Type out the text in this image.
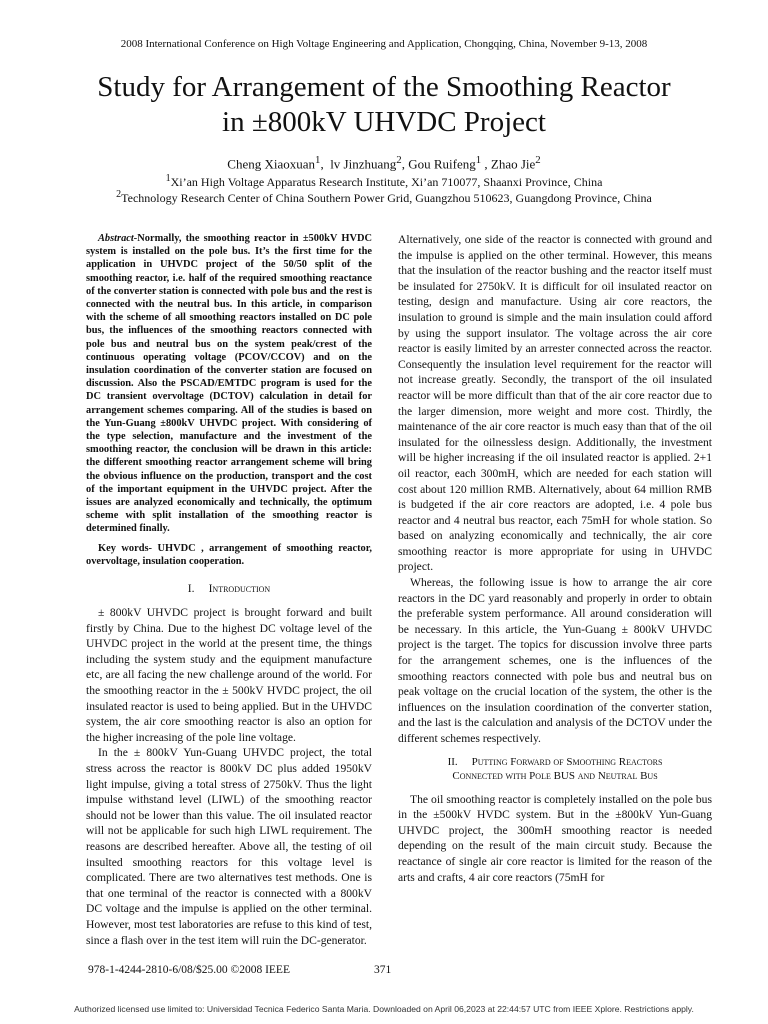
2008 International Conference on High Voltage Engineering and Application, Chongqing, China, November 9-13, 2008
Study for Arrangement of the Smoothing Reactor
in ±800kV UHVDC Project
Cheng Xiaoxuan$^1$,  lv Jinzhuang$^2$, Gou Ruifeng$^1$ , Zhao Jie$^2$
$^1$Xi’an High Voltage Apparatus Research Institute, Xi’an 710077, Shaanxi Province, China
$^2$Technology Research Center of China Southern Power Grid, Guangzhou 510623, Guangdong Province, China

Abstract-Normally, the smoothing reactor in ±500kV HVDC system is installed on the pole bus. It’s the first time for the application in UHVDC project of the 50/50 split of the smoothing reactor, i.e. half of the required smoothing reactance of the converter station is connected with pole bus and the rest is connected with the neutral bus. In this article, in comparison with the scheme of all smoothing reactors installed on DC pole bus, the influences of the smoothing reactors connected with pole bus and neutral bus on the system peak/crest of the continuous operating voltage (PCOV/CCOV) and on the insulation coordination of the converter station are focused on discussion. Also the PSCAD/EMTDC program is used for the DC transient overvoltage (DCTOV) calculation in detail for arrangement schemes comparing. All of the studies is based on the Yun-Guang ±800kV UHVDC project. With considering of the type selection, manufacture and the investment of the smoothing reactor, the conclusion will be drawn in this article: the different smoothing reactor arrangement scheme will bring the obvious influence on the production, transport and the cost of the important equipment in the UHVDC project. After the issues are analyzed economically and technically, the optimum scheme with split installation of the smoothing reactor is determined finally.

Key words- UHVDC , arrangement of smoothing reactor, overvoltage, insulation cooperation.

I. Introduction

± 800kV UHVDC project is brought forward and built firstly by China. Due to the highest DC voltage level of the UHVDC project in the world at the present time, the things including the system study and the equipment manufacture etc, are all facing the new challenge around of the world. For the smoothing reactor in the ± 500kV HVDC project, the oil insulated reactor is used to being applied. But in the UHVDC system, the air core smoothing reactor is also an option for the higher increasing of the pole line voltage.

In the ± 800kV Yun-Guang UHVDC project, the total stress across the reactor is 800kV DC plus added 1950kV light impulse, giving a total stress of 2750kV. Thus the light impulse withstand level (LIWL) of the smoothing reactor should not be lower than this value. The oil insulated reactor will not be applicable for such high LIWL requirement. The reasons are described hereafter. Above all, the testing of oil insulted smoothing reactors for this voltage level is complicated. There are two alternatives test methods. One is that one terminal of the reactor is connected with a 800kV DC voltage and the impulse is applied on the other terminal. However, most test laboratories are refuse to this kind of test, since a flash over in the test item will ruin the DC-generator.

Alternatively, one side of the reactor is connected with ground and the impulse is applied on the other terminal. However, this means that the insulation of the reactor bushing and the reactor itself must be insulated for 2750kV. It is difficult for oil insulated reactor on testing, design and manufacture. Using air core reactors, the insulation to ground is simple and the main insulation could afford by using the support insulator. The voltage across the air core reactor is easily limited by an arrester connected across the reactor. Consequently the insulation level requirement for the reactor will not increase greatly. Secondly, the transport of the oil insulated reactor will be more difficult than that of the air core reactor due to the larger dimension, more weight and more cost. Thirdly, the maintenance of the air core reactor is much easy than that of the oil insulated for the oilnessless design. Additionally, the investment will be higher increasing if the oil insulated reactor is applied. 2+1 oil reactor, each 300mH, which are needed for each station will cost about 120 million RMB. Alternatively, about 64 million RMB is budgeted if the air core reactors are adopted, i.e. 4 pole bus reactor and 4 neutral bus reactor, each 75mH for whole station. So based on analyzing economically and technically, the air core smoothing reactor is more appropriate for using in UHVDC project.

Whereas, the following issue is how to arrange the air core reactors in the DC yard reasonably and properly in order to obtain the preferable system performance. All around consideration will be necessary. In this article, the Yun-Guang ± 800kV UHVDC project is the target. The topics for discussion involve three parts for the arrangement schemes, one is the influences of the smoothing reactors connected with pole bus and neutral bus on peak voltage on the crucial location of the system, the other is the influences on the insulation coordination of the converter station, and the last is the calculation and analysis of the DCTOV under the different schemes respectively.

II. Putting Forward of Smoothing Reactors
Connected with Pole BUS and Neutral Bus

The oil smoothing reactor is completely installed on the pole bus in the ±500kV HVDC system. But in the ±800kV Yun-Guang UHVDC project, the 300mH smoothing reactor is needed depending on the result of the main circuit study. Because the reactance of single air core reactor is limited for the reason of the arts and crafts, 4 air core reactors (75mH for

978-1-4244-2810-6/08/$25.00 ©2008 IEEE	371
Authorized licensed use limited to: Universidad Tecnica Federico Santa Maria. Downloaded on April 06,2023 at 22:44:57 UTC from IEEE Xplore. Restrictions apply.
